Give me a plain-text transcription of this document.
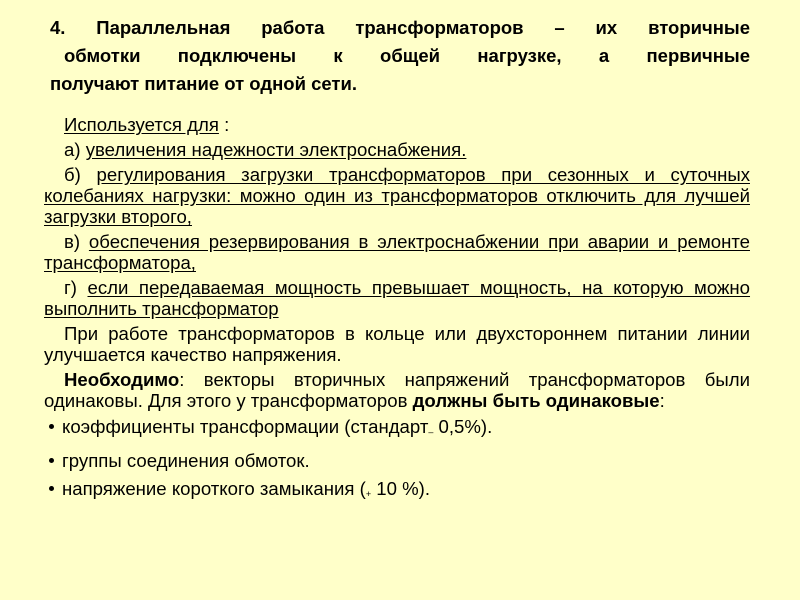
4. Параллельная работа трансформаторов – их вторичные
обмотки подключены к общей нагрузке, а первичные
получают питание от одной сети.

Используется для :

а) увеличения надежности электроснабжения.

б) регулирования загрузки трансформаторов при сезонных и суточных колебаниях нагрузки: можно один из трансформаторов отключить для лучшей загрузки второго,

в) обеспечения резервирования в электроснабжении при аварии и ремонте трансформатора,

г) если передаваемая мощность превышает мощность, на которую можно выполнить трансформатор

При работе трансформаторов в кольце или двухстороннем питании линии улучшается качество напряжения.

Необходимо: векторы вторичных напряжений трансформаторов были одинаковы. Для этого у трансформаторов должны быть одинаковые:

коэффициенты трансформации (стандарт– 0,5%).
группы соединения обмоток.
напряжение короткого замыкания (+ 10 %).
